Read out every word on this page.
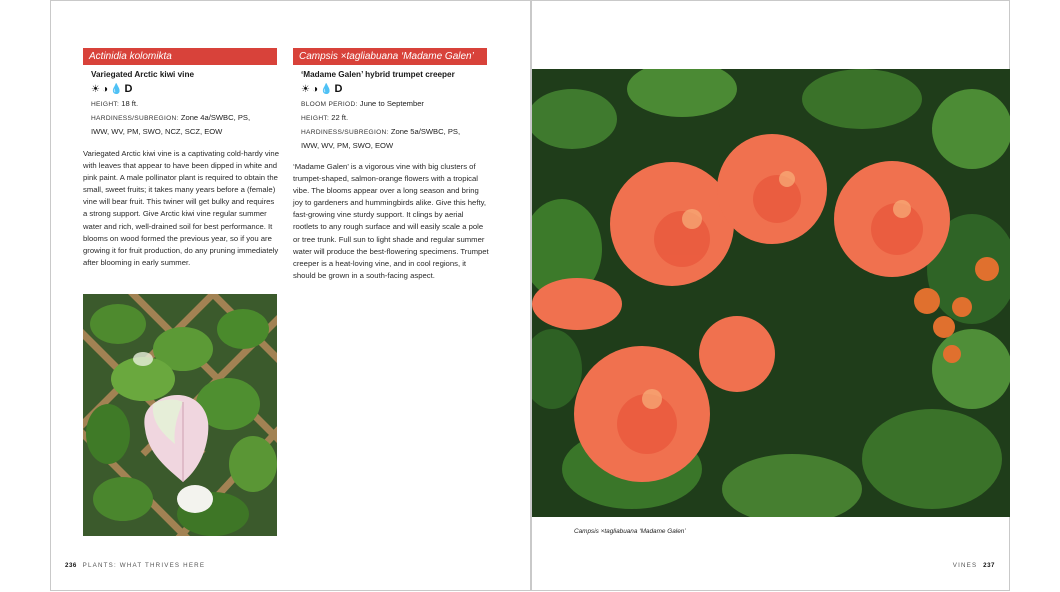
Actinidia kolomikta
Variegated Arctic kiwi vine
☀◑💧D
HEIGHT: 18 ft.
HARDINESS/SUBREGION: Zone 4a/SWBC, PS,
IWW, WV, PM, SWO, NCZ, SCZ, EOW

Variegated Arctic kiwi vine is a captivating cold-hardy vine with leaves that appear to have been dipped in white and pink paint. A male pollinator plant is required to obtain the small, sweet fruits; it takes many years before a (female) vine will bear fruit. This twiner will get bulky and requires a strong support. Give Arctic kiwi vine regular summer water and rich, well-drained soil for best performance. It blooms on wood formed the previous year, so if you are growing it for fruit production, do any pruning immediately after blooming in early summer.

Campsis ×tagliabuana ‘Madame Galen’
‘Madame Galen’ hybrid trumpet creeper
☀◑💧D
BLOOM PERIOD: June to September
HEIGHT: 22 ft.
HARDINESS/SUBREGION: Zone 5a/SWBC, PS,
IWW, WV, PM, SWO, EOW

‘Madame Galen’ is a vigorous vine with big clusters of trumpet-shaped, salmon-orange flowers with a tropical vibe. The blooms appear over a long season and bring joy to gardeners and hummingbirds alike. Give this hefty, fast-growing vine sturdy support. It clings by aerial rootlets to any rough surface and will easily scale a pole or tree trunk. Full sun to light shade and regular summer water will produce the best-flowering specimens. Trumpet creeper is a heat-loving vine, and in cool regions, it should be grown in a south-facing aspect.

236 PLANTS: WHAT THRIVES HERE
Campsis ×tagliabuana ‘Madame Galen’
VINES 237
